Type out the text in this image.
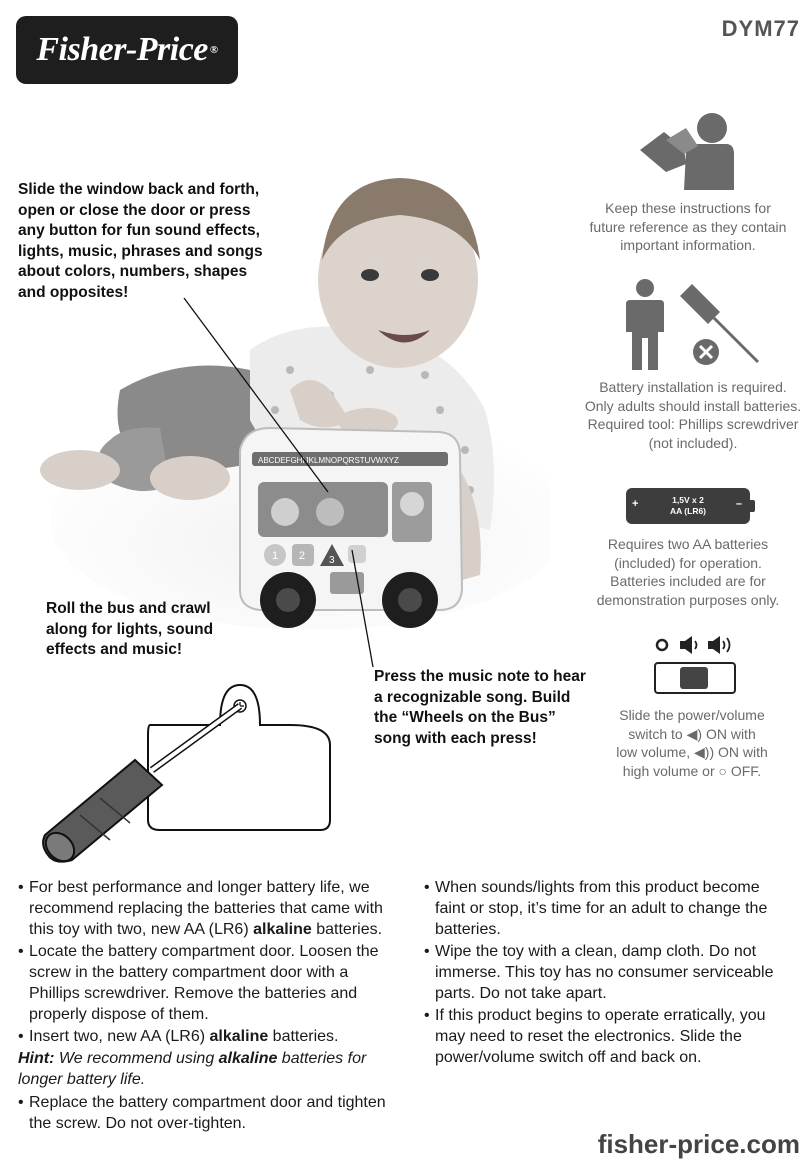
Fisher-Price ®
DYM77
ABCDEFGHIJKLMNOPQRSTUVWXYZ
1 2 3
Slide the window back and forth, open or close the door or press any button for fun sound effects, lights, music, phrases and songs about colors, numbers, shapes and opposites!
Roll the bus and crawl along for lights, sound effects and music!
Press the music note to hear a recognizable song. Build the “Wheels on the Bus” song with each press!
Keep these instructions for future reference as they contain important information.
Battery installation is required. Only adults should install batteries. Required tool: Phillips screwdriver (not included).
+	1,5V x 2
AA (LR6)
–
Requires two AA batteries (included) for operation. Batteries included are for demonstration purposes only.
Slide the power/volume
switch to ◀) ON with
low volume, ◀)) ON with
high volume or ○ OFF.
• For best performance and longer battery life, we recommend replacing the batteries that came with this toy with two, new AA (LR6) alkaline batteries.
• Locate the battery compartment door. Loosen the screw in the battery compartment door with a Phillips screwdriver. Remove the batteries and properly dispose of them.
• Insert two, new AA (LR6) alkaline batteries.
Hint: We recommend using alkaline batteries for longer battery life.
• Replace the battery compartment door and tighten the screw. Do not over-tighten.
• When sounds/lights from this product become faint or stop, it’s time for an adult to change the batteries.
• Wipe the toy with a clean, damp cloth. Do not immerse. This toy has no consumer serviceable parts. Do not take apart.
• If this product begins to operate erratically, you may need to reset the electronics. Slide the power/volume switch off and back on.
fisher-price.com
